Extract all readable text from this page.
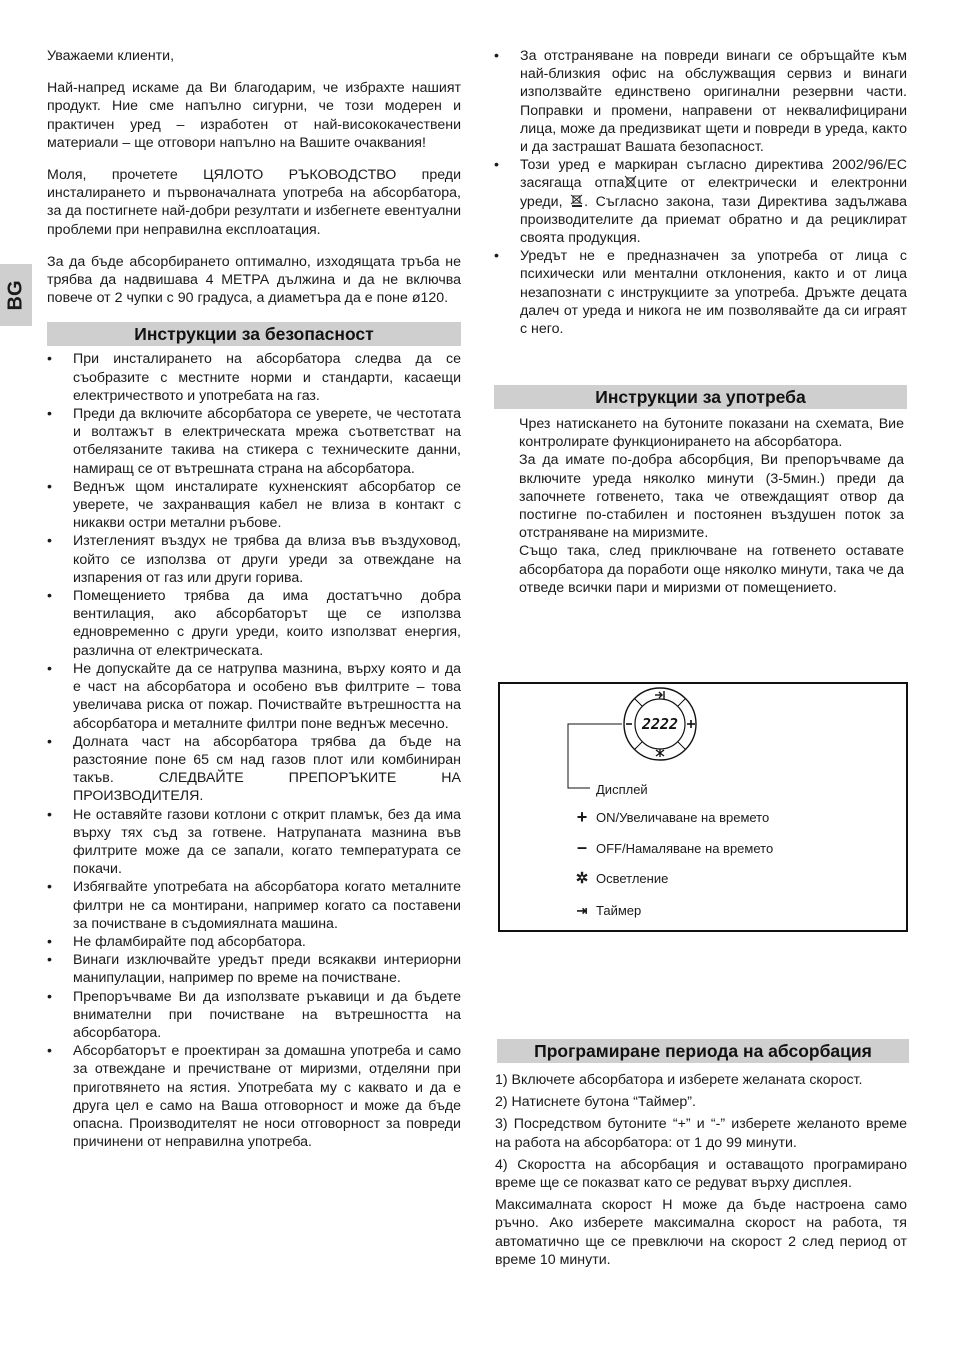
BG

Уважаеми клиенти,

Най-напред искаме да Ви благодарим, че избрахте нашият продукт. Ние сме напълно сигурни, че този модерен и практичен уред – изработен от най-висококачествени материали – ще отговори напълно на Вашите очаквания!

Моля, прочетете ЦЯЛОТО РЪКОВОДСТВО преди инсталирането и първоначалната употреба на абсорбатора, за да постигнете най-добри резултати и избегнете евентуални проблеми при неправилна експлоатация.

За да бъде абсорбирането оптимално, изходящата тръба не трябва да надвишава 4 МЕТРА дължина и да не включва повече от 2 чупки с 90 градуса, а диаметъра да е поне ø120.

Инструкции за безопасност
• При инсталирането на абсорбатора следва да се съобразите с местните норми и стандарти, касаещи електричеството и употребата на газ.
• Преди да включите абсорбатора се уверете, че честотата и волтажът в електрическата мрежа съответстват на отбелязаните такива на стикера с техническите данни, намиращ се от вътрешната страна на абсорбатора.
• Веднъж щом инсталирате кухненският абсорбатор се уверете, че захранващия кабел не влиза в контакт с никакви остри метални ръбове.
• Изтегленият въздух не трябва да влиза във въздуховод, който се използва от други уреди за отвеждане на изпарения от газ или други горива.
• Помещението трябва да има достатъчно добра вентилация, ако абсорбаторът ще се използва едновременно с други уреди, които използват енергия, различна от електрическата.
• Не допускайте да се натрупва мазнина, върху която и да е част на абсорбатора и особено във филтрите – това увеличава риска от пожар. Почиствайте вътрешността на абсорбатора и металните филтри поне веднъж месечно.
• Долната част на абсорбатора трябва да бъде на разстояние поне 65 см над газов плот или комбиниран такъв. СЛЕДВАЙТЕ ПРЕПОРЪКИТЕ НА ПРОИЗВОДИТЕЛЯ.
• Не оставяйте газови котлони с открит пламък, без да има върху тях съд за готвене. Натрупаната мазнина във филтрите може да се запали, когато температурата се покачи.
• Избягвайте употребата на абсорбатора когато металните филтри не са монтирани, например когато са поставени за почистване в съдомиялната машина.
• Не фламбирайте под абсорбатора.
• Винаги изключвайте уредът преди всякакви интериорни манипулации, например по време на почистване.
• Препоръчваме Ви да използвате ръкавици и да бъдете внимателни при почистване на вътрешността на абсорбатора.
• Абсорбаторът е проектиран за домашна употреба и само за отвеждане и пречистване от миризми, отделяни при приготвянето на ястия. Употребата му с каквато и да е друга цел е само на Ваша отговорност и може да бъде опасна. Производителят не носи отговорност за повреди причинени от неправилна употреба.
• За отстраняване на повреди винаги се обръщайте към най-близкия офис на обслужващия сервиз и винаги използвайте единствено оригинални резервни части. Поправки и промени, направени от неквалифицирани лица, може да предизвикат щети и повреди в уреда, както и да застрашат Вашата безопасност.
• Този уред е маркиран съгласно директива 2002/96/ЕС засягаща отпа ците от електрически и електронни уреди, . Съгласно закона, тази Директива задължава производителите да приемат обратно и да рециклират своята продукция.
• Уредът не е предназначен за употреба от лица с психически или ментални отклонения, както и от лица незапознати с инструкциите за употреба. Дръжте децата далеч от уреда и никога не им позволявайте да си играят с него.
Инструкции за употреба

Чрез натискането на бутоните показани на схемата, Вие контролирате функционирането на абсорбатора.

За да имате по-добра абсорбция, Ви препоръчваме да включите уреда няколко минути (3-5мин.) преди да започнете готвенето, така че отвеждащият отвор да постигне по-стабилен и постоянен въздушен поток за отстраняване на миризмите.

Също така, след приключване на готвенето оставате абсорбатора да поработи още няколко минути, така че да отведе всички пари и миризми от помещението.

2222
Дисплей
+ ON/Увеличаване на времето
– OFF/Намаляване на времето
✲ Осветление
⇥ Таймер
Програмиране периода на абсорбация

1) Включете абсорбатора и изберете желаната скорост.

2) Натиснете бутона “Таймер”.

3) Посредством бутоните “+” и “-” изберете желаното време на работа на абсорбатора: от 1 до 99 минути.

4) Скоростта на абсорбация и оставащото програмирано време ще се показват като се редуват върху дисплея.

Максималната скорост H може да бъде настроена само ръчно. Ако изберете максимална скорост на работа, тя автоматично ще се превключи на скорост 2 след период от време 10 минути.
